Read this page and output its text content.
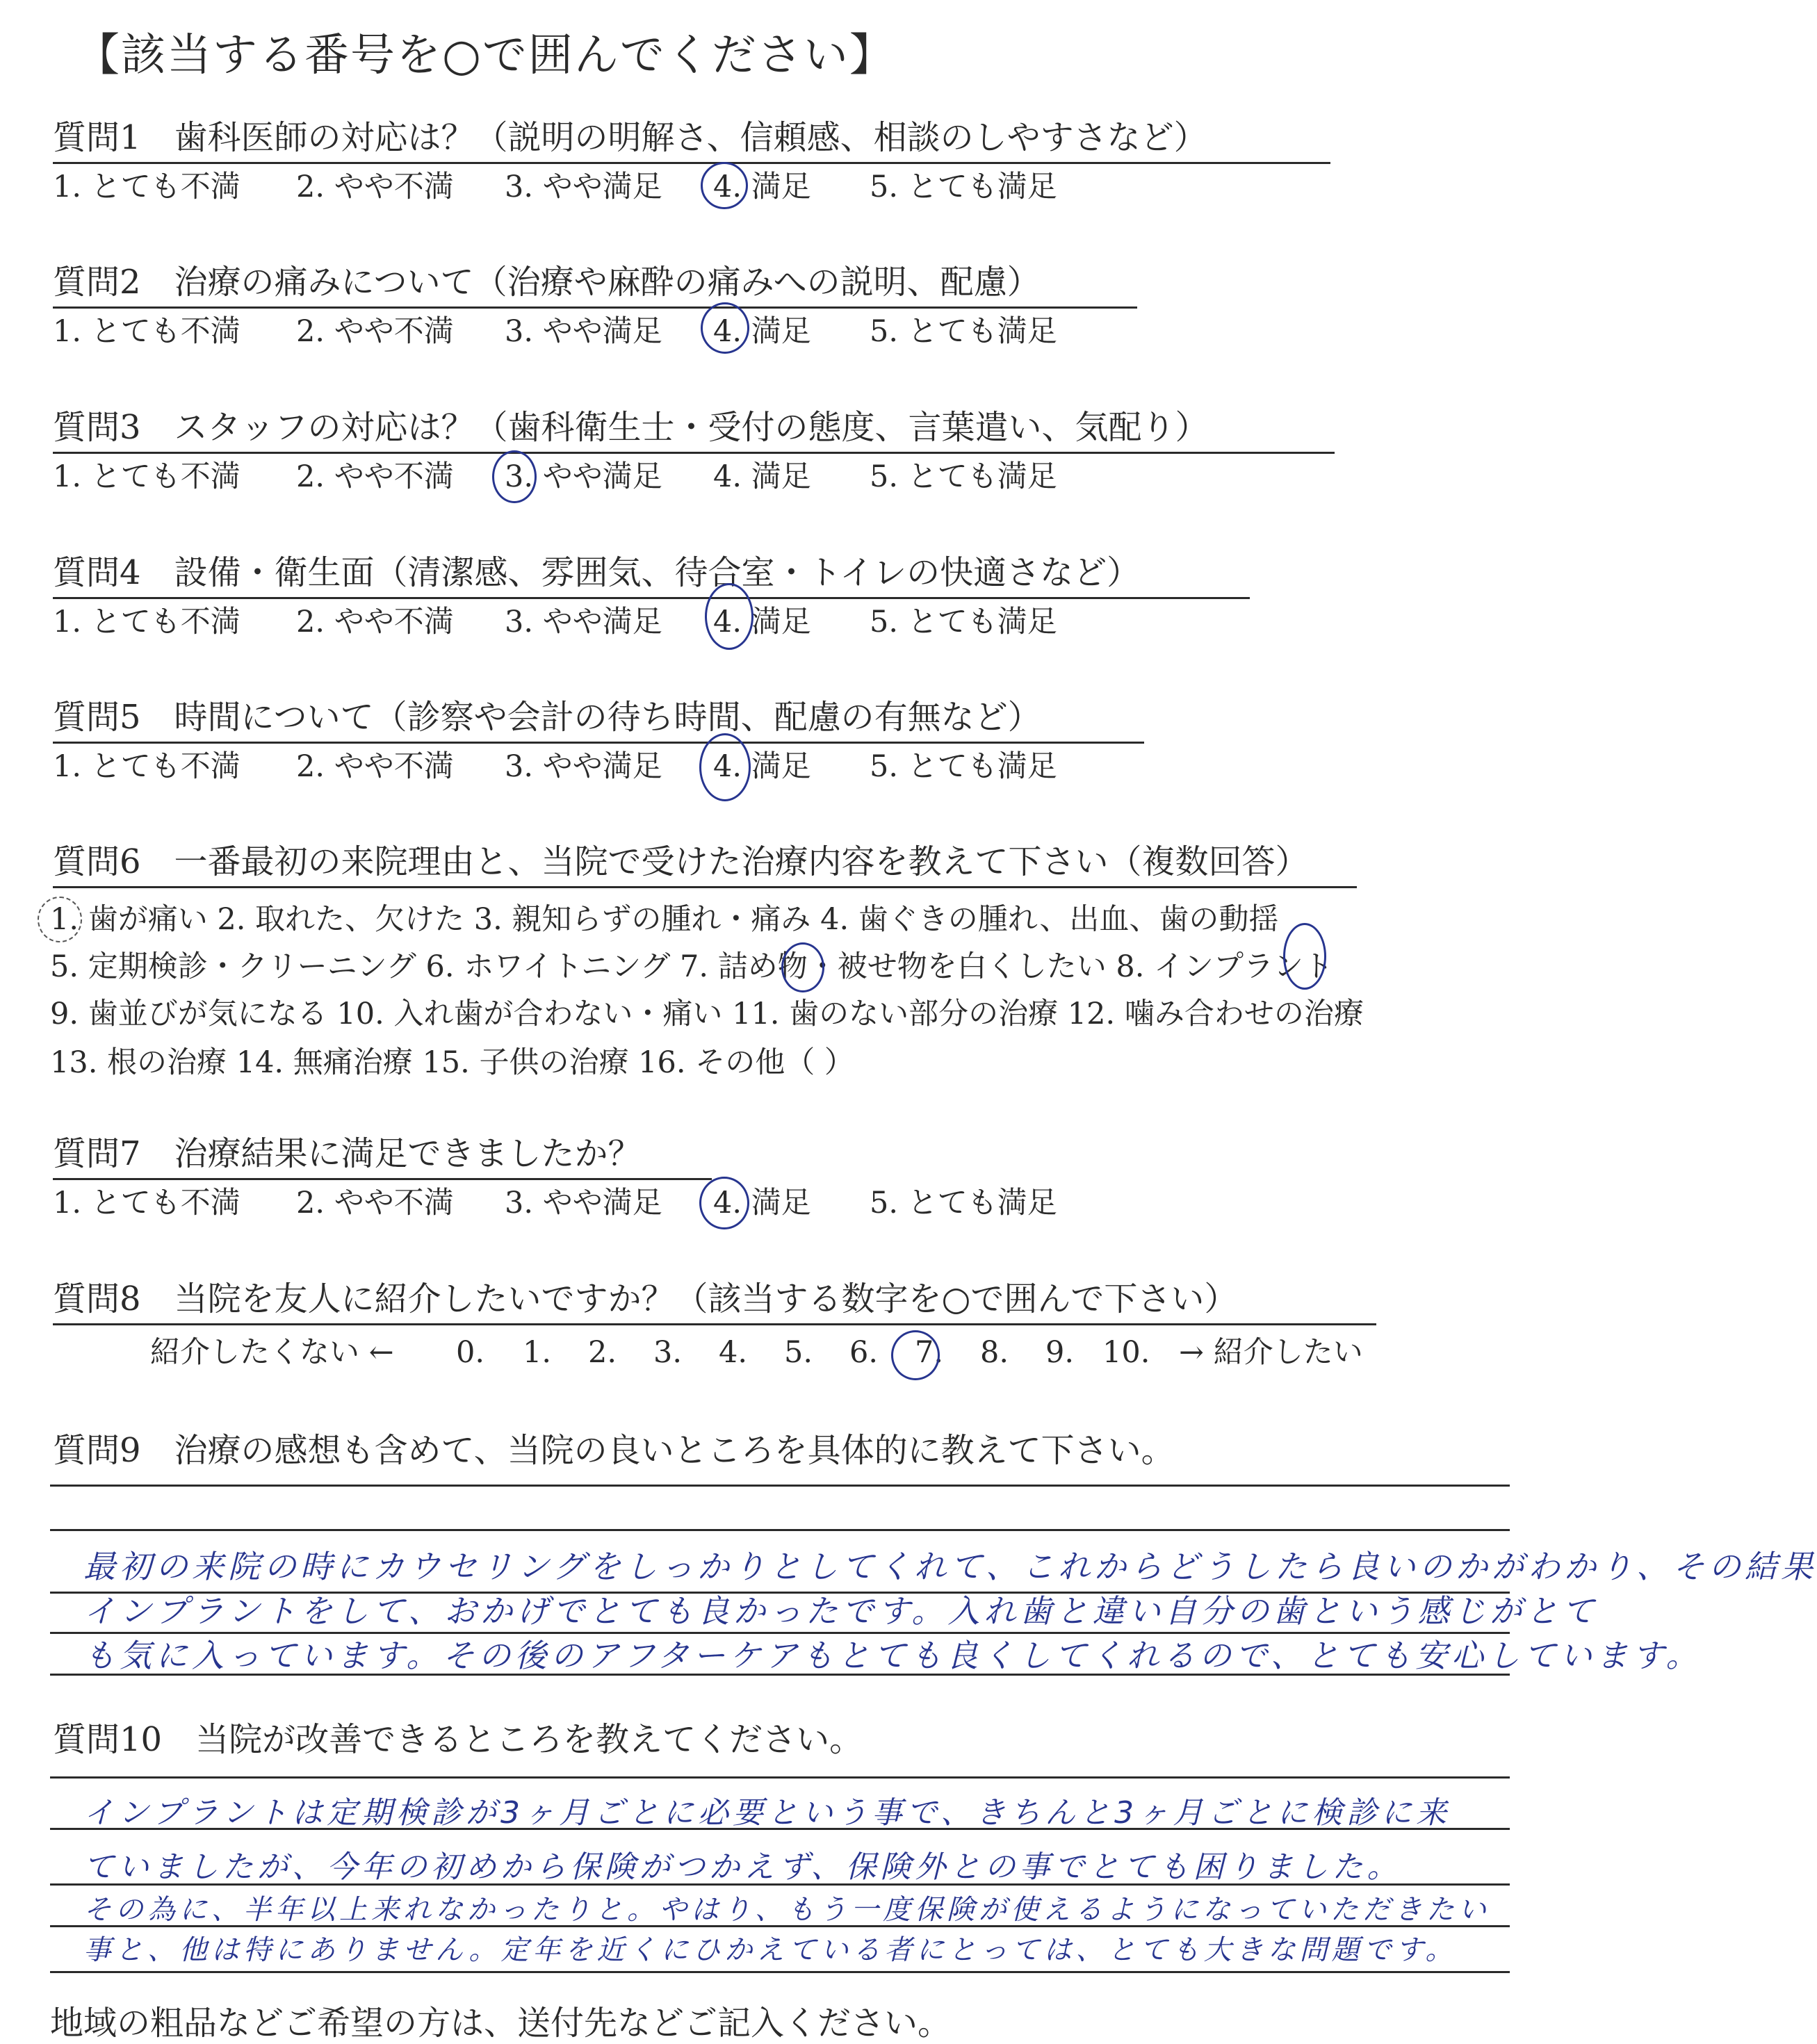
【該当する番号を○で囲んでください】
質問1 歯科医師の対応は？（説明の明解さ、信頼感、相談のしやすさなど）
1. とても不満 2. やや不満 3. やや満足 4. 満足 5. とても満足
質問2 治療の痛みについて（治療や麻酔の痛みへの説明、配慮）
1. とても不満 2. やや不満 3. やや満足 4. 満足 5. とても満足
質問3 スタッフの対応は？（歯科衛生士・受付の態度、言葉遣い、気配り）
1. とても不満 2. やや不満 3. やや満足 4. 満足 5. とても満足
質問4 設備・衛生面（清潔感、雰囲気、待合室・トイレの快適さなど）
1. とても不満 2. やや不満 3. やや満足 4. 満足 5. とても満足
質問5 時間について（診察や会計の待ち時間、配慮の有無など）
1. とても不満 2. やや不満 3. やや満足 4. 満足 5. とても満足
質問6 一番最初の来院理由と、当院で受けた治療内容を教えて下さい（複数回答）
1. 歯が痛い 2. 取れた、欠けた 3. 親知らずの腫れ・痛み 4. 歯ぐきの腫れ、出血、歯の動揺
5. 定期検診・クリーニング 6. ホワイトニング 7. 詰め物・被せ物を白くしたい 8. インプラント
9. 歯並びが気になる 10. 入れ歯が合わない・痛い 11. 歯のない部分の治療 12. 噛み合わせの治療
13. 根の治療 14. 無痛治療 15. 子供の治療 16. その他（ ）
質問7 治療結果に満足できましたか？
1. とても不満 2. やや不満 3. やや満足 4. 満足 5. とても満足
質問8 当院を友人に紹介したいですか？（該当する数字を○で囲んで下さい）
紹介したくない ← 0. 1. 2. 3. 4. 5. 6. 7. 8. 9. 10. → 紹介したい
質問9 治療の感想も含めて、当院の良いところを具体的に教えて下さい。
最初の来院の時にカウセリングをしっかりとしてくれて、これからどうしたら良いのかがわかり、その結果
インプラントをして、おかげでとても良かったです。入れ歯と違い自分の歯という感じがとて
も気に入っています。その後のアフターケアもとても良くしてくれるので、とても安心しています。
質問10 当院が改善できるところを教えてください。
インプラントは定期検診が3ヶ月ごとに必要という事で、きちんと3ヶ月ごとに検診に来
ていましたが、今年の初めから保険がつかえず、保険外との事でとても困りました。
その為に、半年以上来れなかったりと。やはり、もう一度保険が使えるようになっていただきたい
事と、他は特にありません。定年を近くにひかえている者にとっては、とても大きな問題です。
地域の粗品などご希望の方は、送付先などご記入ください。
